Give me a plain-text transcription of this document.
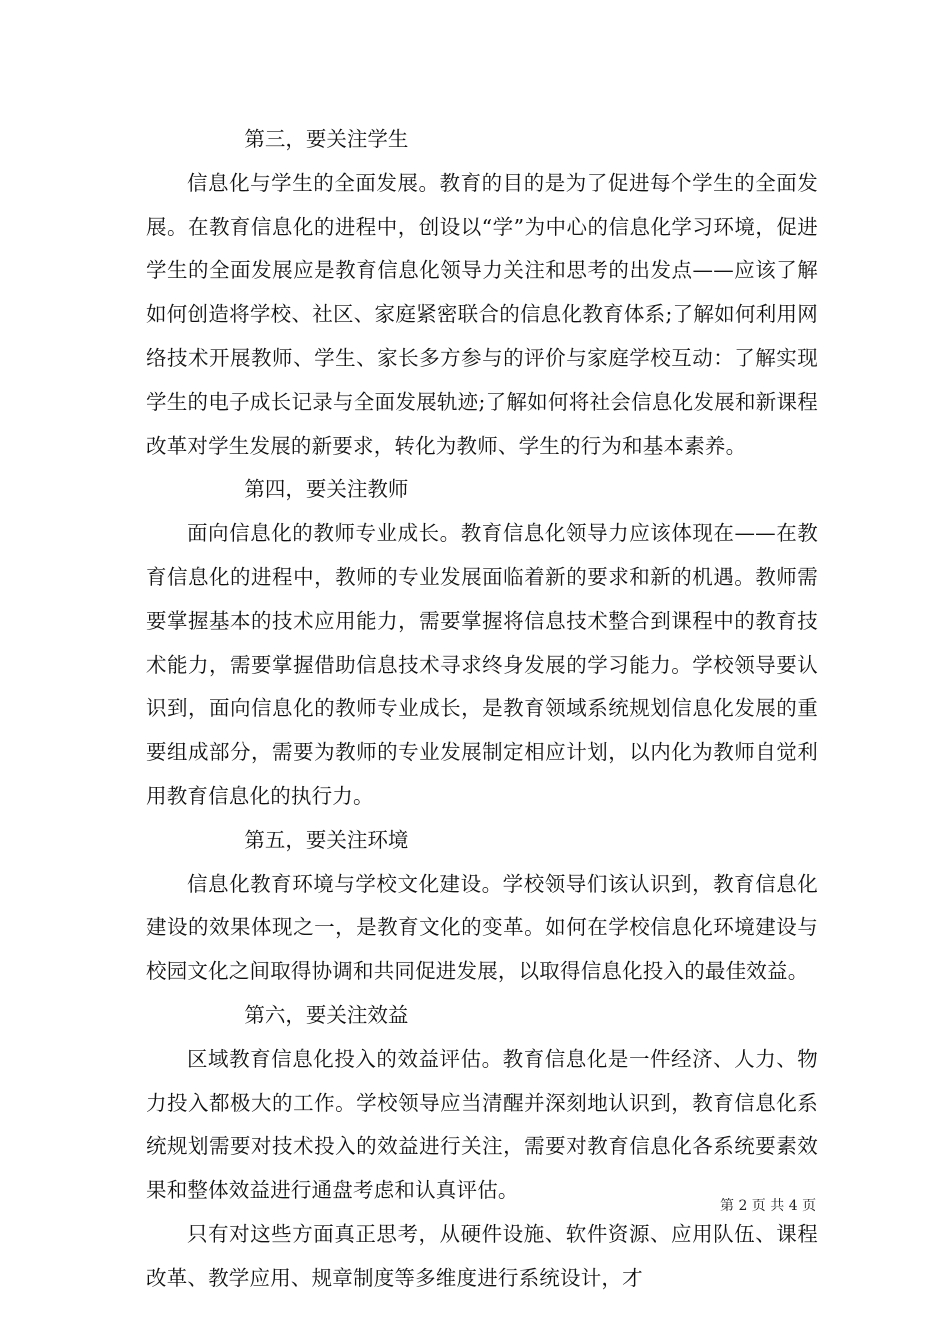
第三，要关注学生

信息化与学生的全面发展。教育的目的是为了促进每个学生的全面发展。在教育信息化的进程中，创设以“学”为中心的信息化学习环境，促进学生的全面发展应是教育信息化领导力关注和思考的出发点——应该了解如何创造将学校、社区、家庭紧密联合的信息化教育体系;了解如何利用网络技术开展教师、学生、家长多方参与的评价与家庭学校互动：了解实现学生的电子成长记录与全面发展轨迹;了解如何将社会信息化发展和新课程改革对学生发展的新要求，转化为教师、学生的行为和基本素养。

第四，要关注教师

面向信息化的教师专业成长。教育信息化领导力应该体现在——在教育信息化的进程中，教师的专业发展面临着新的要求和新的机遇。教师需要掌握基本的技术应用能力，需要掌握将信息技术整合到课程中的教育技术能力，需要掌握借助信息技术寻求终身发展的学习能力。学校领导要认识到，面向信息化的教师专业成长，是教育领域系统规划信息化发展的重要组成部分，需要为教师的专业发展制定相应计划，以内化为教师自觉利用教育信息化的执行力。

第五，要关注环境

信息化教育环境与学校文化建设。学校领导们该认识到，教育信息化建设的效果体现之一，是教育文化的变革。如何在学校信息化环境建设与校园文化之间取得协调和共同促进发展，以取得信息化投入的最佳效益。

第六，要关注效益

区域教育信息化投入的效益评估。教育信息化是一件经济、人力、物力投入都极大的工作。学校领导应当清醒并深刻地认识到，教育信息化系统规划需要对技术投入的效益进行关注，需要对教育信息化各系统要素效果和整体效益进行通盘考虑和认真评估。

只有对这些方面真正思考，从硬件设施、软件资源、应用队伍、课程改革、教学应用、规章制度等多维度进行系统设计，才

第 2 页 共 4 页
